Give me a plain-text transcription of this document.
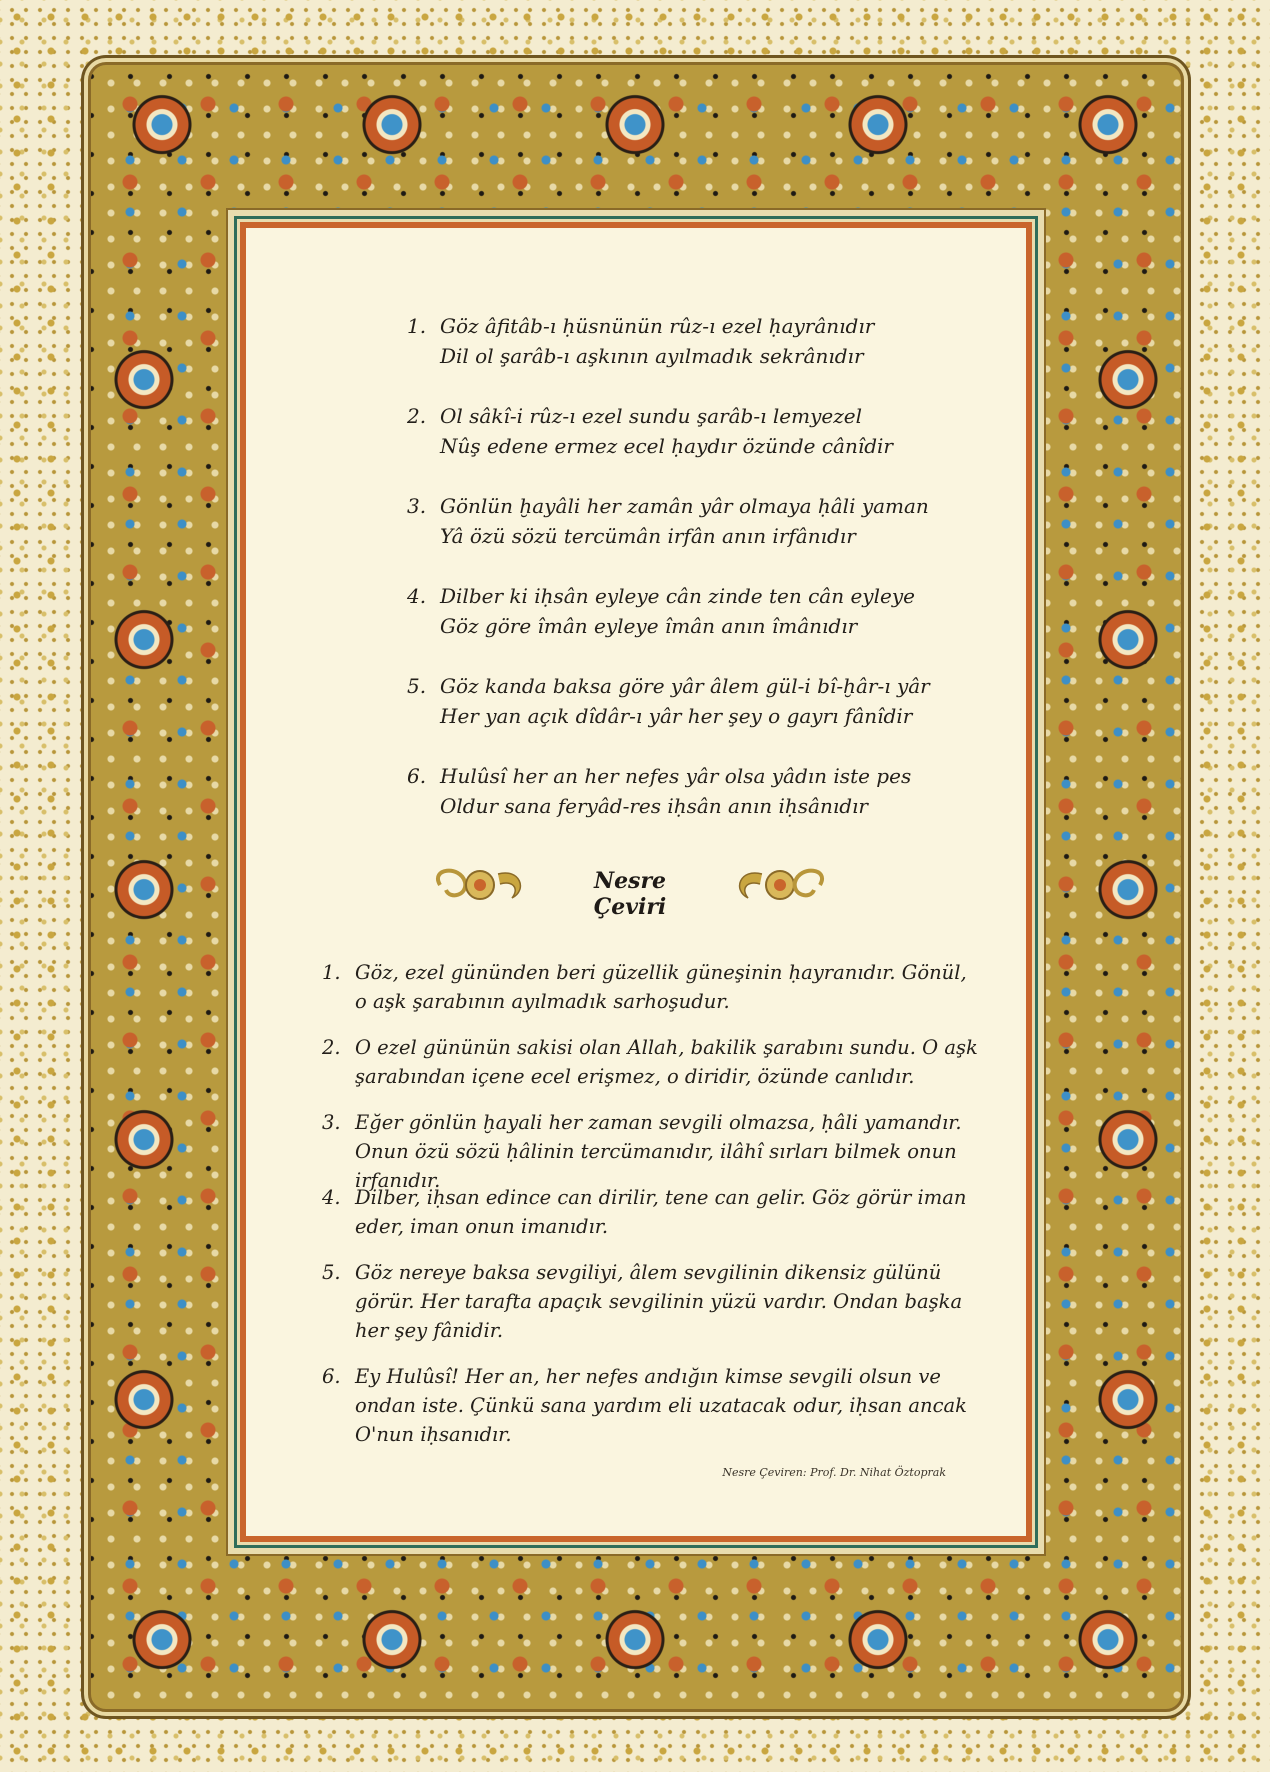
1. Göz âfitâb-ı ḥüsnünün rûz-ı ezel ḥayrânıdır
Dil ol şarâb-ı aşkının ayılmadık sekrânıdır
2. Ol sâkî-i rûz-ı ezel sundu şarâb-ı lemyezel
Nûş edene ermez ecel ḥaydır özünde cânîdir
3. Gönlün ḫayâli her zamân yâr olmaya ḥâli yaman
Yâ özü sözü tercümân irfân anın irfânıdır
4. Dilber ki iḥsân eyleye cân zinde ten cân eyleye
Göz göre îmân eyleye îmân anın îmânıdır
5. Göz kanda baksa göre yâr âlem gül-i bî-ḫâr-ı yâr
Her yan açık dîdâr-ı yâr her şey o gayrı fânîdir
6. Hulûsî her an her nefes yâr olsa yâdın iste pes
Oldur sana feryâd-res iḥsân anın iḥsânıdır
Nesre Çeviri
1. Göz, ezel gününden beri güzellik güneşinin ḥayranıdır. Gönül, o aşk şarabının ayılmadık sarhoşudur.
2. O ezel gününün sakisi olan Allah, bakilik şarabını sundu. O aşk şarabından içene ecel erişmez, o diridir, özünde canlıdır.
3. Eğer gönlün ḫayali her zaman sevgili olmazsa, ḥâli yamandır. Onun özü sözü ḥâlinin tercümanıdır, ilâhî sırları bilmek onun irfanıdır.
4. Dilber, iḥsan edince can dirilir, tene can gelir. Göz görür iman eder, iman onun imanıdır.
5. Göz nereye baksa sevgiliyi, âlem sevgilinin dikensiz gülünü görür. Her tarafta apaçık sevgilinin yüzü vardır. Ondan başka her şey fânidir.
6. Ey Hulûsî! Her an, her nefes andığın kimse sevgili olsun ve ondan iste. Çünkü sana yardım eli uzatacak odur, iḥsan ancak O'nun iḥsanıdır.
Nesre Çeviren: Prof. Dr. Nihat Öztoprak
